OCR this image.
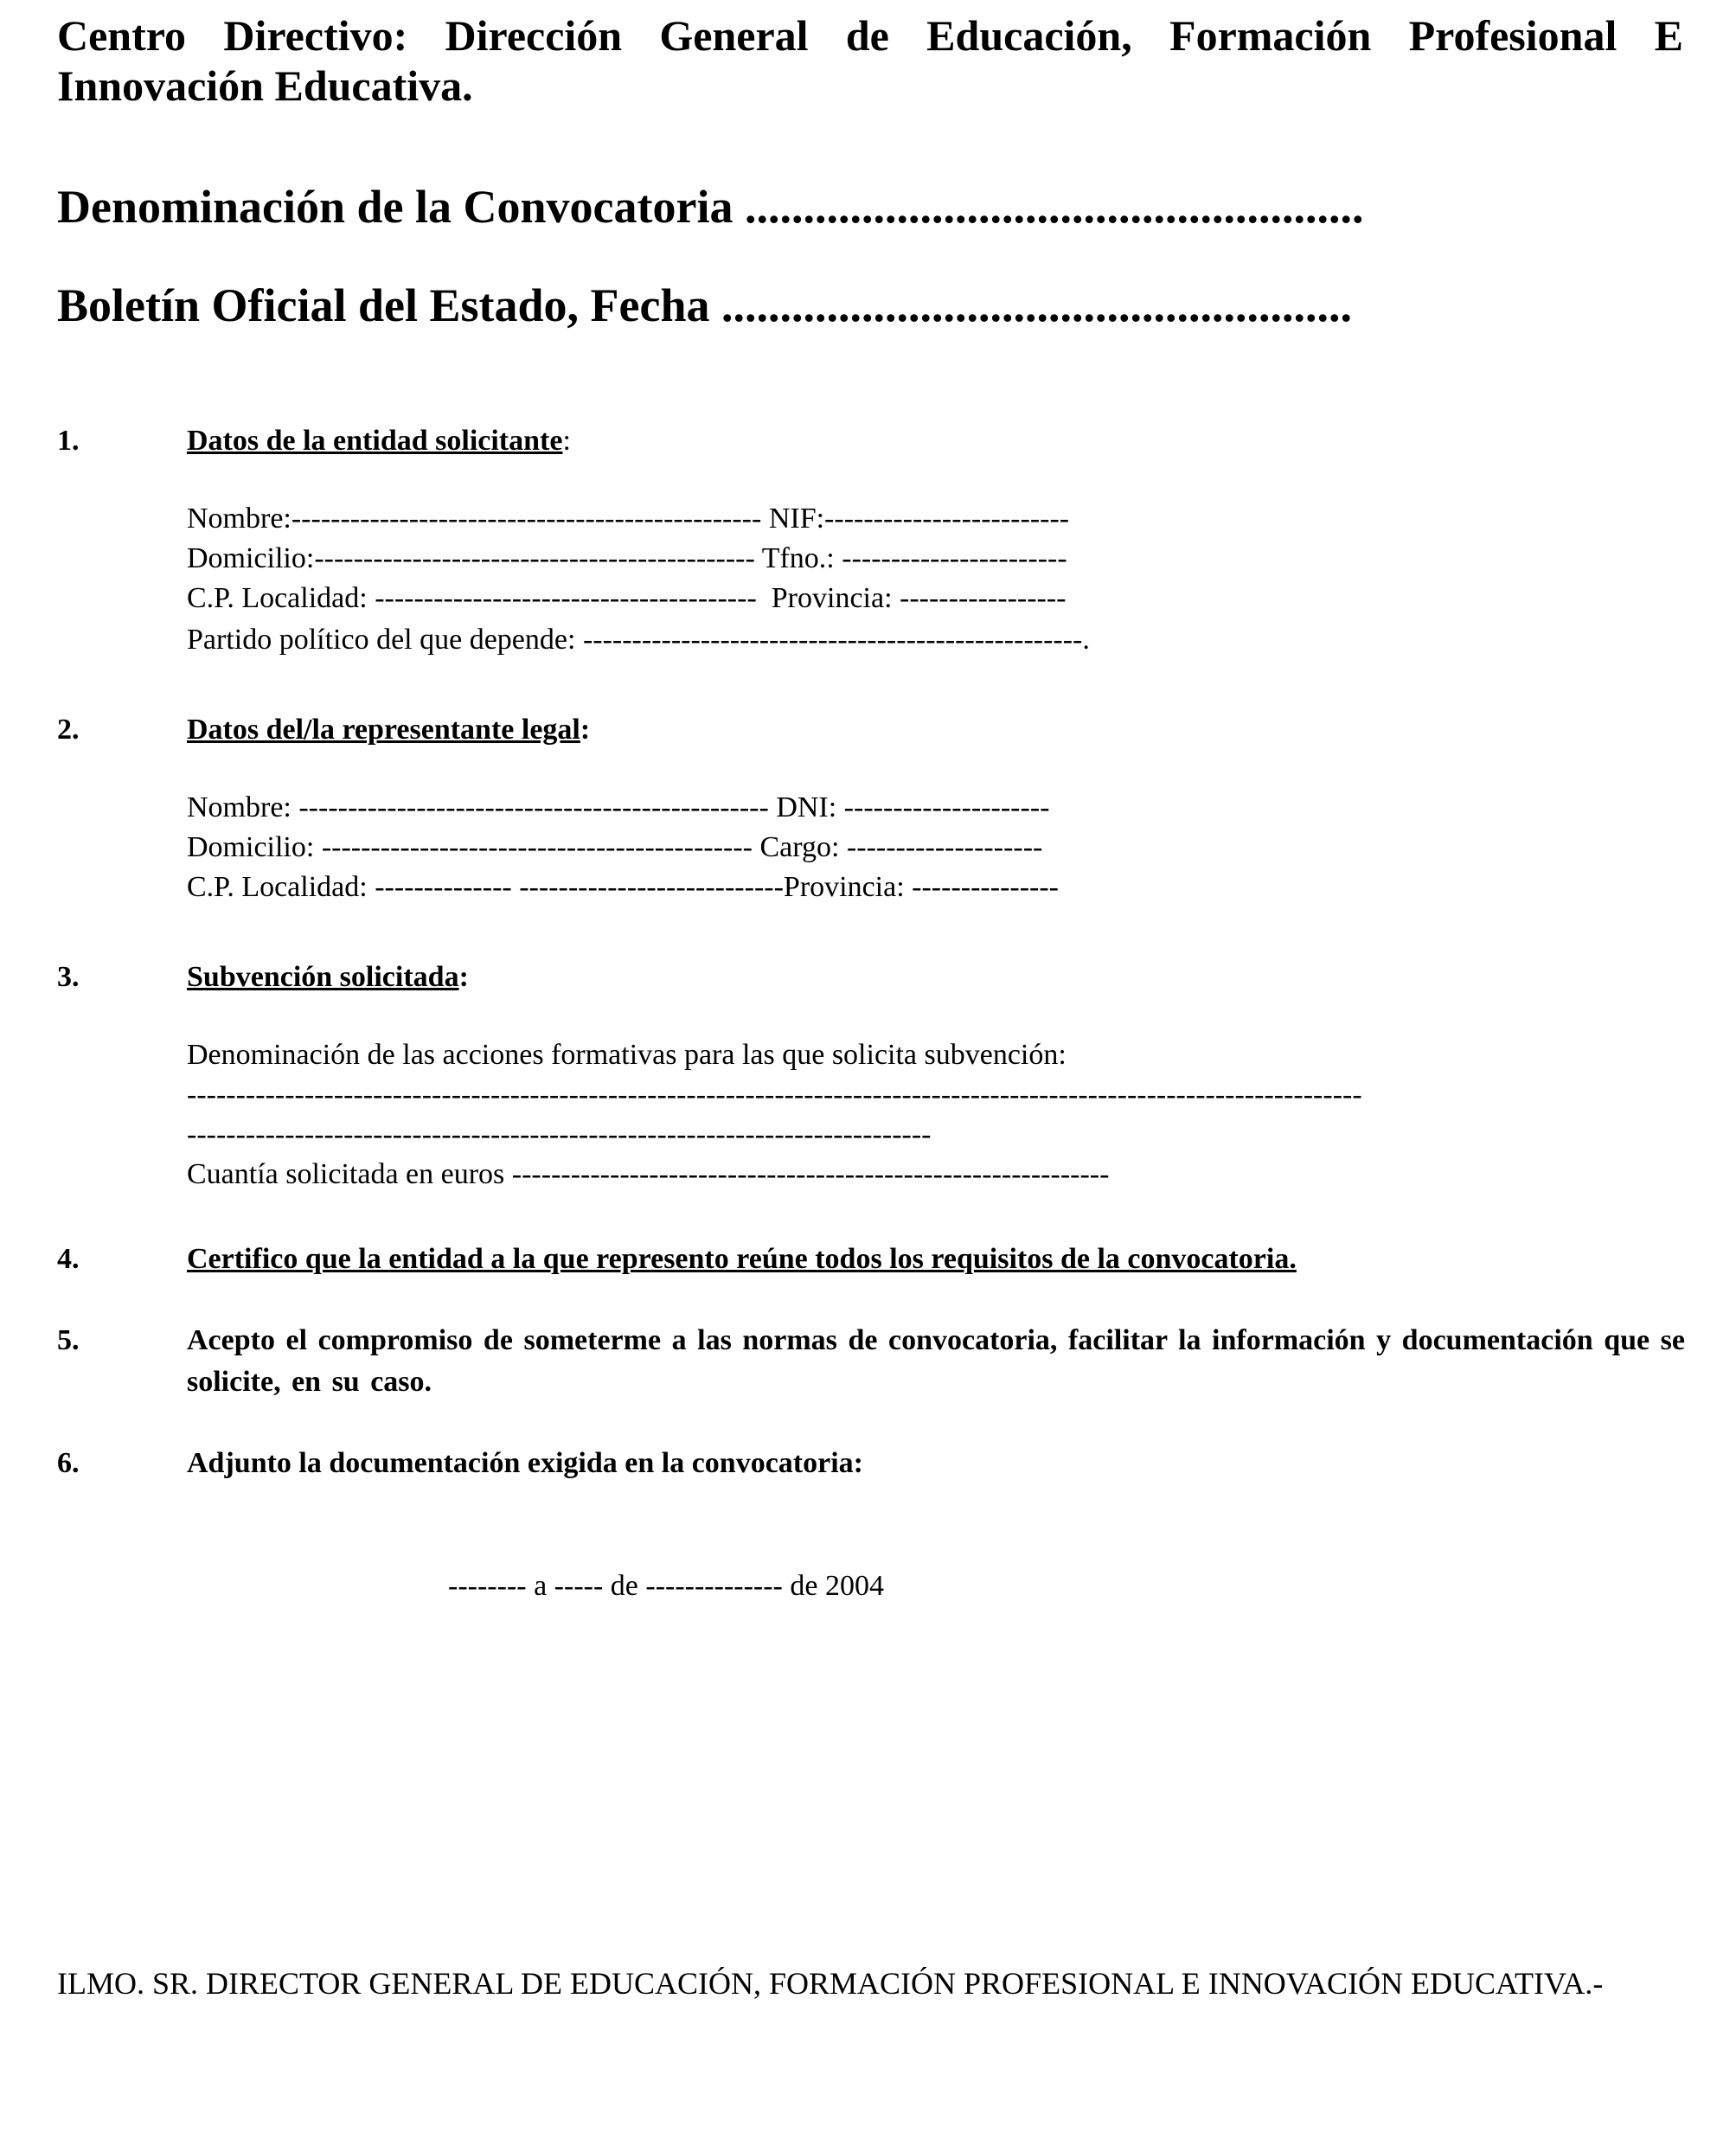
Centro Directivo: Dirección General de Educación, Formación Profesional E Innovación Educativa.
Denominación de la Convocatoria .....................................................
Boletín Oficial del Estado, Fecha ......................................................
1.	Datos de la entidad solicitante:
Nombre:------------------------------------------------ NIF:-------------------------
Domicilio:--------------------------------------------- Tfno.: -----------------------
C.P. Localidad: ---------------------------------------  Provincia: -----------------
Partido político del que depende: ---------------------------------------------------.
2.	Datos del/la representante legal:
Nombre: ------------------------------------------------ DNI: ---------------------
Domicilio: -------------------------------------------- Cargo: --------------------
C.P. Localidad: -------------- ---------------------------Provincia: ---------------
3.	Subvención solicitada:
Denominación de las acciones formativas para las que solicita subvención:
------------------------------------------------------------------------------------------------------------------------
----------------------------------------------------------------------------
Cuantía solicitada en euros -------------------------------------------------------------
4.	Certifico que la entidad a la que represento reúne todos los requisitos de la convocatoria.
5.	Acepto el compromiso de someterme a las normas de convocatoria, facilitar la información y documentación que se solicite, en su caso.
6.	Adjunto la documentación exigida en la convocatoria:
-------- a ----- de -------------- de 2004
ILMO. SR. DIRECTOR GENERAL DE EDUCACIÓN, FORMACIÓN PROFESIONAL E INNOVACIÓN EDUCATIVA.-
